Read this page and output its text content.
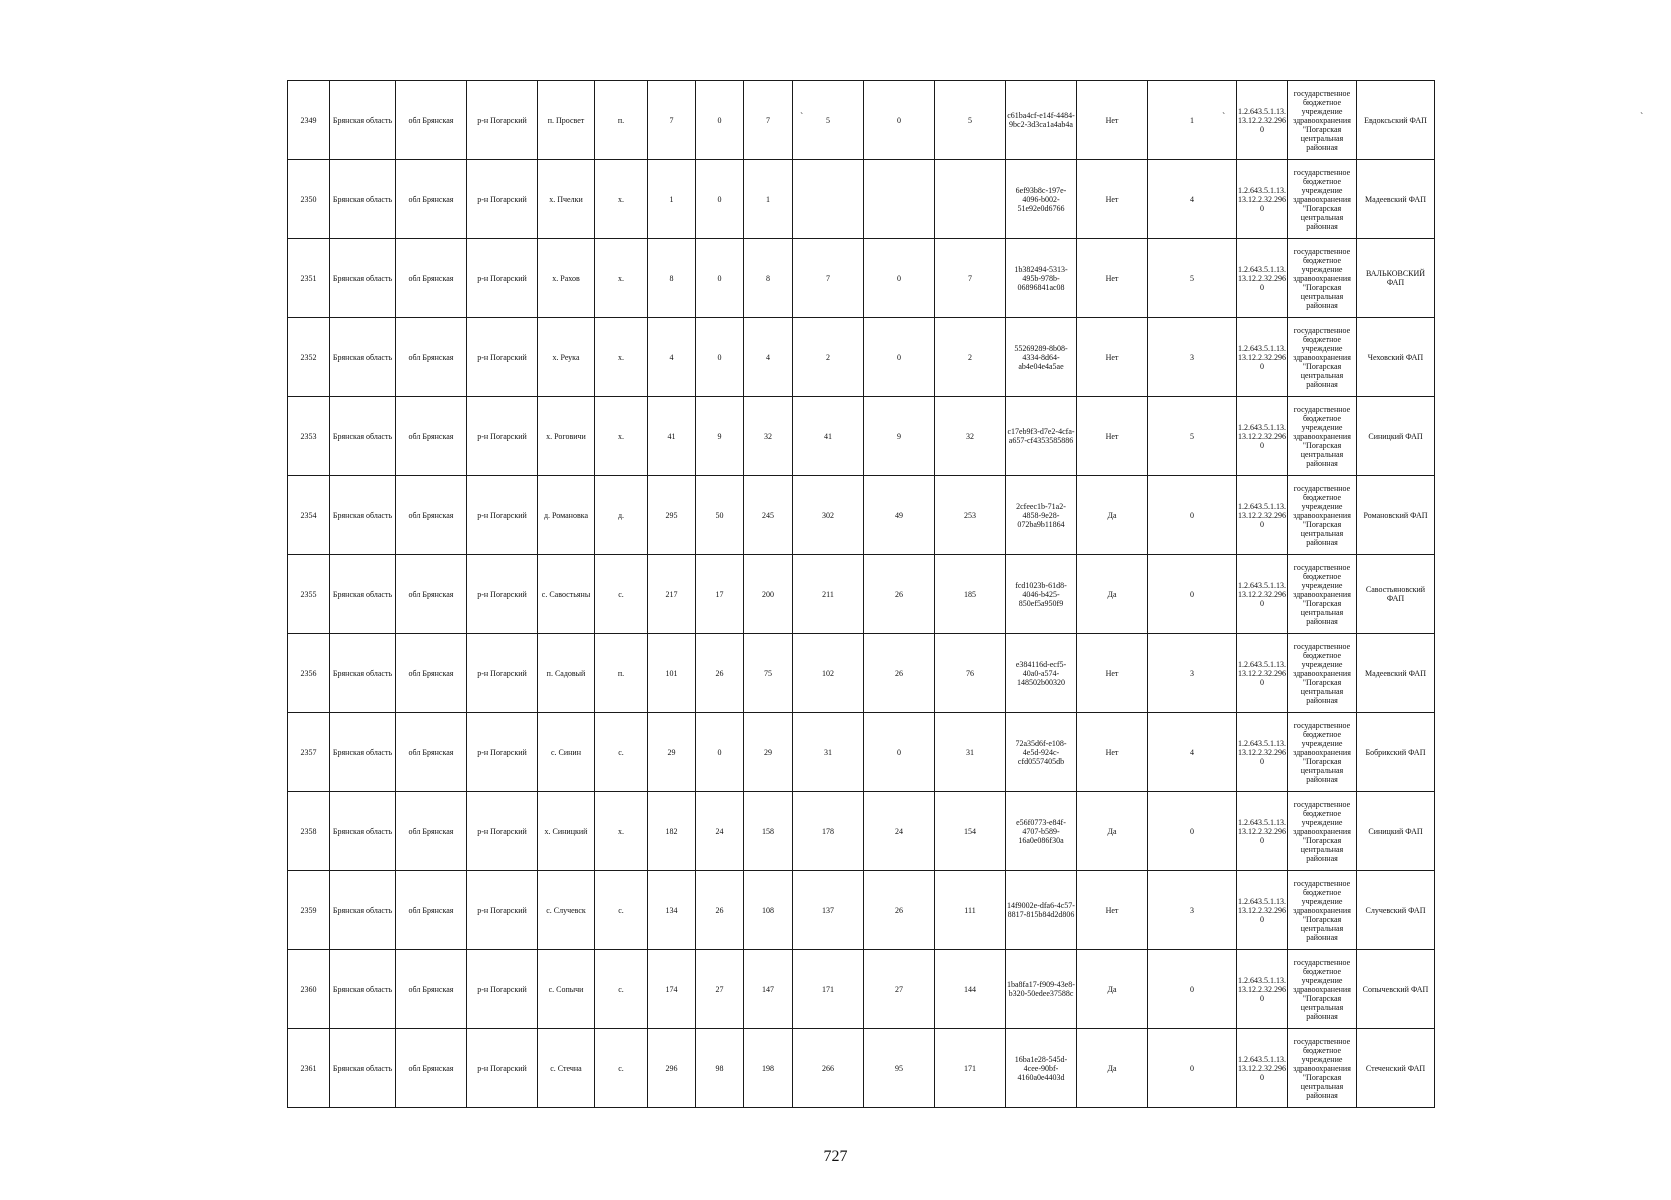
2349	Брянская область	обл Брянская	р-н Погарский	п. Просвет	п.	7	0	7	5	0	5	c61ba4cf-e14f-4484-9bc2-3d3ca1a4ab4a	Нет	1	1.2.643.5.1.13.13.12.2.32.2960	государственное бюджетное учреждение здравоохранения "Погарская центральная районная	Евдоксьский ФАП
2350	Брянская область	обл Брянская	р-н Погарский	х. Пчелки	х.	1	0	1				6ef93b8c-197e-4096-b002-51e92e0d6766	Нет	4	1.2.643.5.1.13.13.12.2.32.2960	государственное бюджетное учреждение здравоохранения "Погарская центральная районная	Мадеевский ФАП
2351	Брянская область	обл Брянская	р-н Погарский	х. Рахов	х.	8	0	8	7	0	7	1b382494-5313-495b-978b-06896841ac08	Нет	5	1.2.643.5.1.13.13.12.2.32.2960	государственное бюджетное учреждение здравоохранения "Погарская центральная районная	ВАЛЬКОВСКИЙ ФАП
2352	Брянская область	обл Брянская	р-н Погарский	х. Реука	х.	4	0	4	2	0	2	55269289-8b08-4334-8d64-ab4e04e4a5ae	Нет	3	1.2.643.5.1.13.13.12.2.32.2960	государственное бюджетное учреждение здравоохранения "Погарская центральная районная	Чеховский ФАП
2353	Брянская область	обл Брянская	р-н Погарский	х. Роговичи	х.	41	9	32	41	9	32	c17eb9f3-d7e2-4cfa-a657-cf4353585886	Нет	5	1.2.643.5.1.13.13.12.2.32.2960	государственное бюджетное учреждение здравоохранения "Погарская центральная районная	Синицкий ФАП
2354	Брянская область	обл Брянская	р-н Погарский	д. Романовка	д.	295	50	245	302	49	253	2cfeec1b-71a2-4858-9e28-072ba9b11864	Да	0	1.2.643.5.1.13.13.12.2.32.2960	государственное бюджетное учреждение здравоохранения "Погарская центральная районная	Романовский ФАП
2355	Брянская область	обл Брянская	р-н Погарский	с. Савостьяны	с.	217	17	200	211	26	185	fcd1023b-61d8-4046-b425-850ef5a950f9	Да	0	1.2.643.5.1.13.13.12.2.32.2960	государственное бюджетное учреждение здравоохранения "Погарская центральная районная	Савостьяновский ФАП
2356	Брянская область	обл Брянская	р-н Погарский	п. Садовый	п.	101	26	75	102	26	76	e384116d-ecf5-40a0-a574-148502b00320	Нет	3	1.2.643.5.1.13.13.12.2.32.2960	государственное бюджетное учреждение здравоохранения "Погарская центральная районная	Мадеевский ФАП
2357	Брянская область	обл Брянская	р-н Погарский	с. Синин	с.	29	0	29	31	0	31	72a35d6f-e108-4e5d-924c-cfd0557405db	Нет	4	1.2.643.5.1.13.13.12.2.32.2960	государственное бюджетное учреждение здравоохранения "Погарская центральная районная	Бобрикский ФАП
2358	Брянская область	обл Брянская	р-н Погарский	х. Синицкий	х.	182	24	158	178	24	154	e56f0773-e84f-4707-b589-16a0e086f30a	Да	0	1.2.643.5.1.13.13.12.2.32.2960	государственное бюджетное учреждение здравоохранения "Погарская центральная районная	Синицкий ФАП
2359	Брянская область	обл Брянская	р-н Погарский	с. Случевск	с.	134	26	108	137	26	111	14f9002e-dfa6-4c57-8817-815b84d2d806	Нет	3	1.2.643.5.1.13.13.12.2.32.2960	государственное бюджетное учреждение здравоохранения "Погарская центральная районная	Случевский ФАП
2360	Брянская область	обл Брянская	р-н Погарский	с. Сопычи	с.	174	27	147	171	27	144	1ba8fa17-f909-43e8-b320-50edee37588c	Да	0	1.2.643.5.1.13.13.12.2.32.2960	государственное бюджетное учреждение здравоохранения "Погарская центральная районная	Сопычевский ФАП
2361	Брянская область	обл Брянская	р-н Погарский	с. Стечна	с.	296	98	198	266	95	171	16ba1e28-545d-4cee-90bf-4160a0e4403d	Да	0	1.2.643.5.1.13.13.12.2.32.2960	государственное бюджетное учреждение здравоохранения "Погарская центральная районная	Стеченский ФАП
`	`	`
727
